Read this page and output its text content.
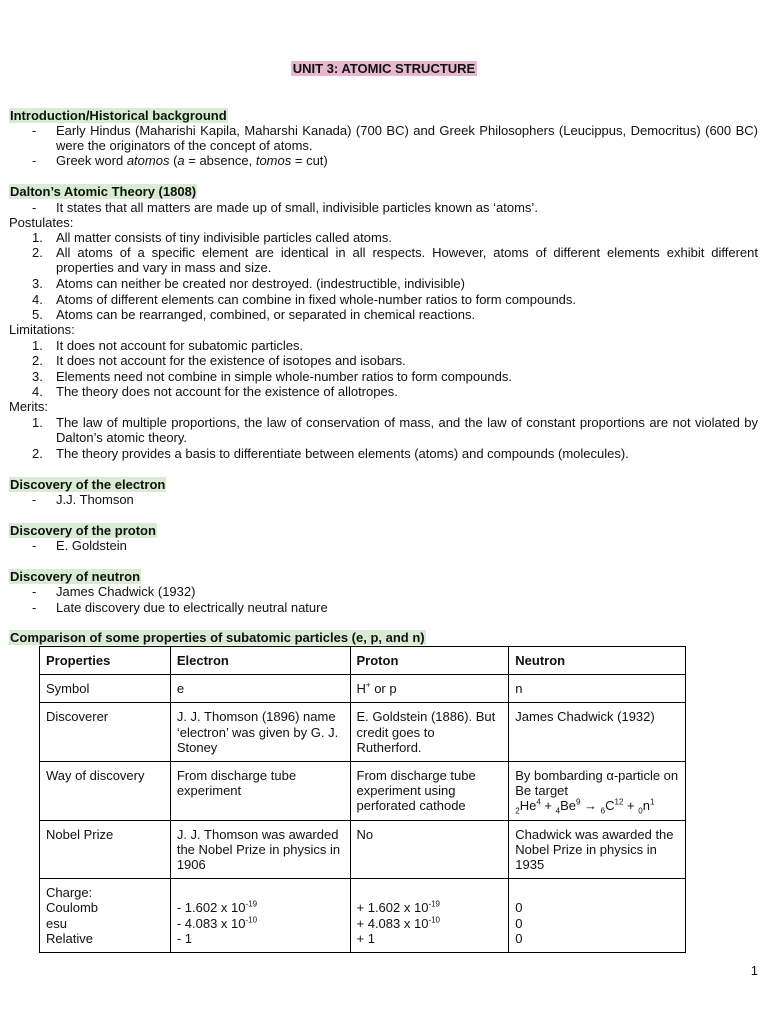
UNIT 3: ATOMIC STRUCTURE
Introduction/Historical background
- Early Hindus (Maharishi Kapila, Maharshi Kanada) (700 BC) and Greek Philosophers (Leucippus, Democritus) (600 BC) were the originators of the concept of atoms.
- Greek word atomos (a = absence, tomos = cut)
Dalton’s Atomic Theory (1808)
- It states that all matters are made up of small, indivisible particles known as ‘atoms’.
Postulates:
1. All matter consists of tiny indivisible particles called atoms.
2. All atoms of a specific element are identical in all respects. However, atoms of different elements exhibit different properties and vary in mass and size.
3. Atoms can neither be created nor destroyed. (indestructible, indivisible)
4. Atoms of different elements can combine in fixed whole-number ratios to form compounds.
5. Atoms can be rearranged, combined, or separated in chemical reactions.
Limitations:
1. It does not account for subatomic particles.
2. It does not account for the existence of isotopes and isobars.
3. Elements need not combine in simple whole-number ratios to form compounds.
4. The theory does not account for the existence of allotropes.
Merits:
1. The law of multiple proportions, the law of conservation of mass, and the law of constant proportions are not violated by Dalton’s atomic theory.
2. The theory provides a basis to differentiate between elements (atoms) and compounds (molecules).
Discovery of the electron
- J.J. Thomson
Discovery of the proton
- E. Goldstein
Discovery of neutron
- James Chadwick (1932)
- Late discovery due to electrically neutral nature
Comparison of some properties of subatomic particles (e, p, and n)
Properties	Electron	Proton	Neutron
Symbol	e	H+ or p	n
Discoverer	J. J. Thomson (1896) name ‘electron’ was given by G. J. Stoney	E. Goldstein (1886). But credit goes to Rutherford.	James Chadwick (1932)
Way of discovery	From discharge tube experiment	From discharge tube experiment using perforated cathode	By bombarding α-particle on Be target
$_2He^4 + _4Be^9 \to _6C^{12} + _0n^1$
Nobel Prize	J. J. Thomson was awarded the Nobel Prize in physics in 1906	No	Chadwick was awarded the Nobel Prize in physics in 1935
Charge:
Coulomb
esu
Relative	- 1.602 x $10^{-19}$
- 4.083 x $10^{-10}$
- 1	+ 1.602 x $10^{-19}$
+ 4.083 x $10^{-10}$
+ 1	0
0
0
1
